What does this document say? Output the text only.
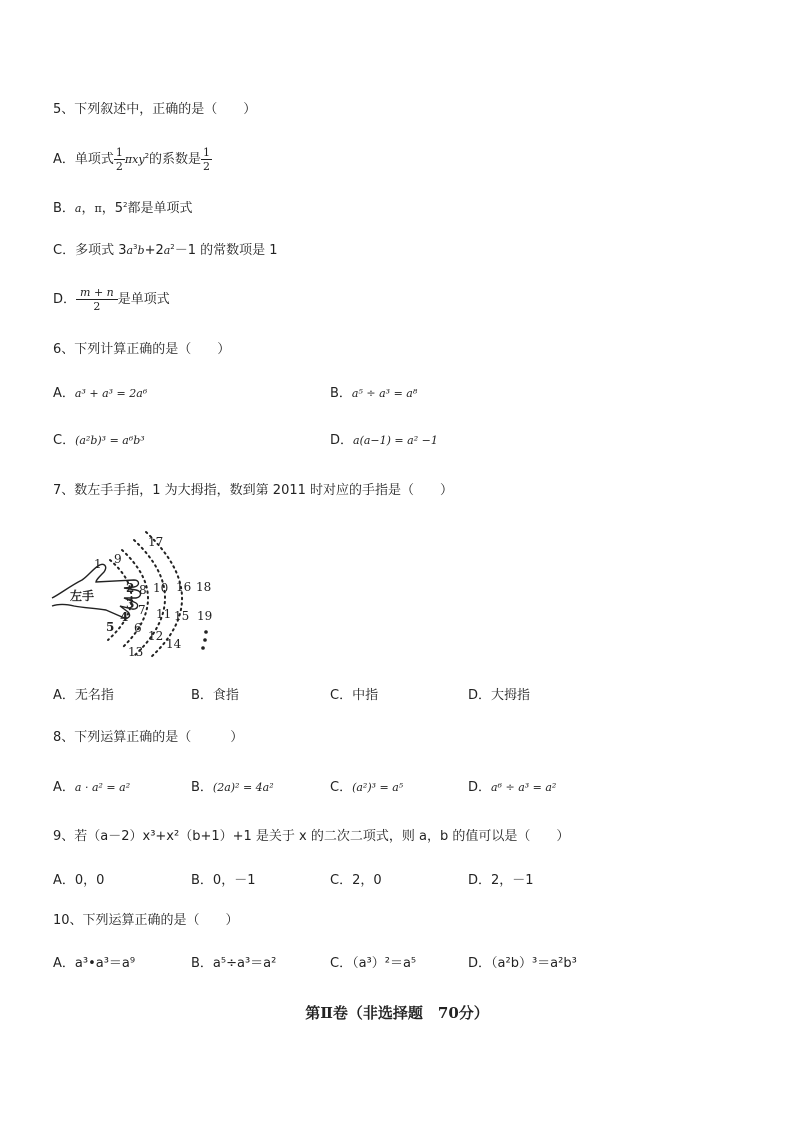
5、下列叙述中，正确的是（　　）
A．单项式 $\frac{1}{2} \pi xy^2$的系数是 $\frac{1}{2}$
B．a，π，$5^2$都是单项式
C．多项式 $3a^3b+2a^2-1$ 的常数项是 1
D． $\frac{m + n}{2}$ 是单项式
6、下列计算正确的是（　　）
A．a³ + a³ = 2a⁶	B．a⁵ ÷ a³ = a⁸
C．(a²b)³ = a⁶b³	D．a(a−1) = a² −1
7、数左手手指，1 为大拇指，数到第 2011 时对应的手指是（　　）
左手
1
2
3
4
5 6
7
8
9
10
11
12
13
14
15
16
17
18
19
A．无名指	B．食指	C．中指	D．大拇指
8、下列运算正确的是（　　　）
A．a · a² = a²	B．(2a)² = 4a²	C．(a²)³ = a⁵	D．a⁶ ÷ a³ = a²
9、若（a－2）x³+x²（b+1）+1 是关于 x 的二次二项式，则 a，b 的值可以是（　　）
A．0，0	B．0，－1	C．2，0	D．2，－1
10、下列运算正确的是（　　）
A．a³•a³＝a⁹	B．a⁵÷a³＝a²	C．（a³）²＝a⁵	D．（a²b）³＝a²b³
第Ⅱ卷（非选择题　70分）
